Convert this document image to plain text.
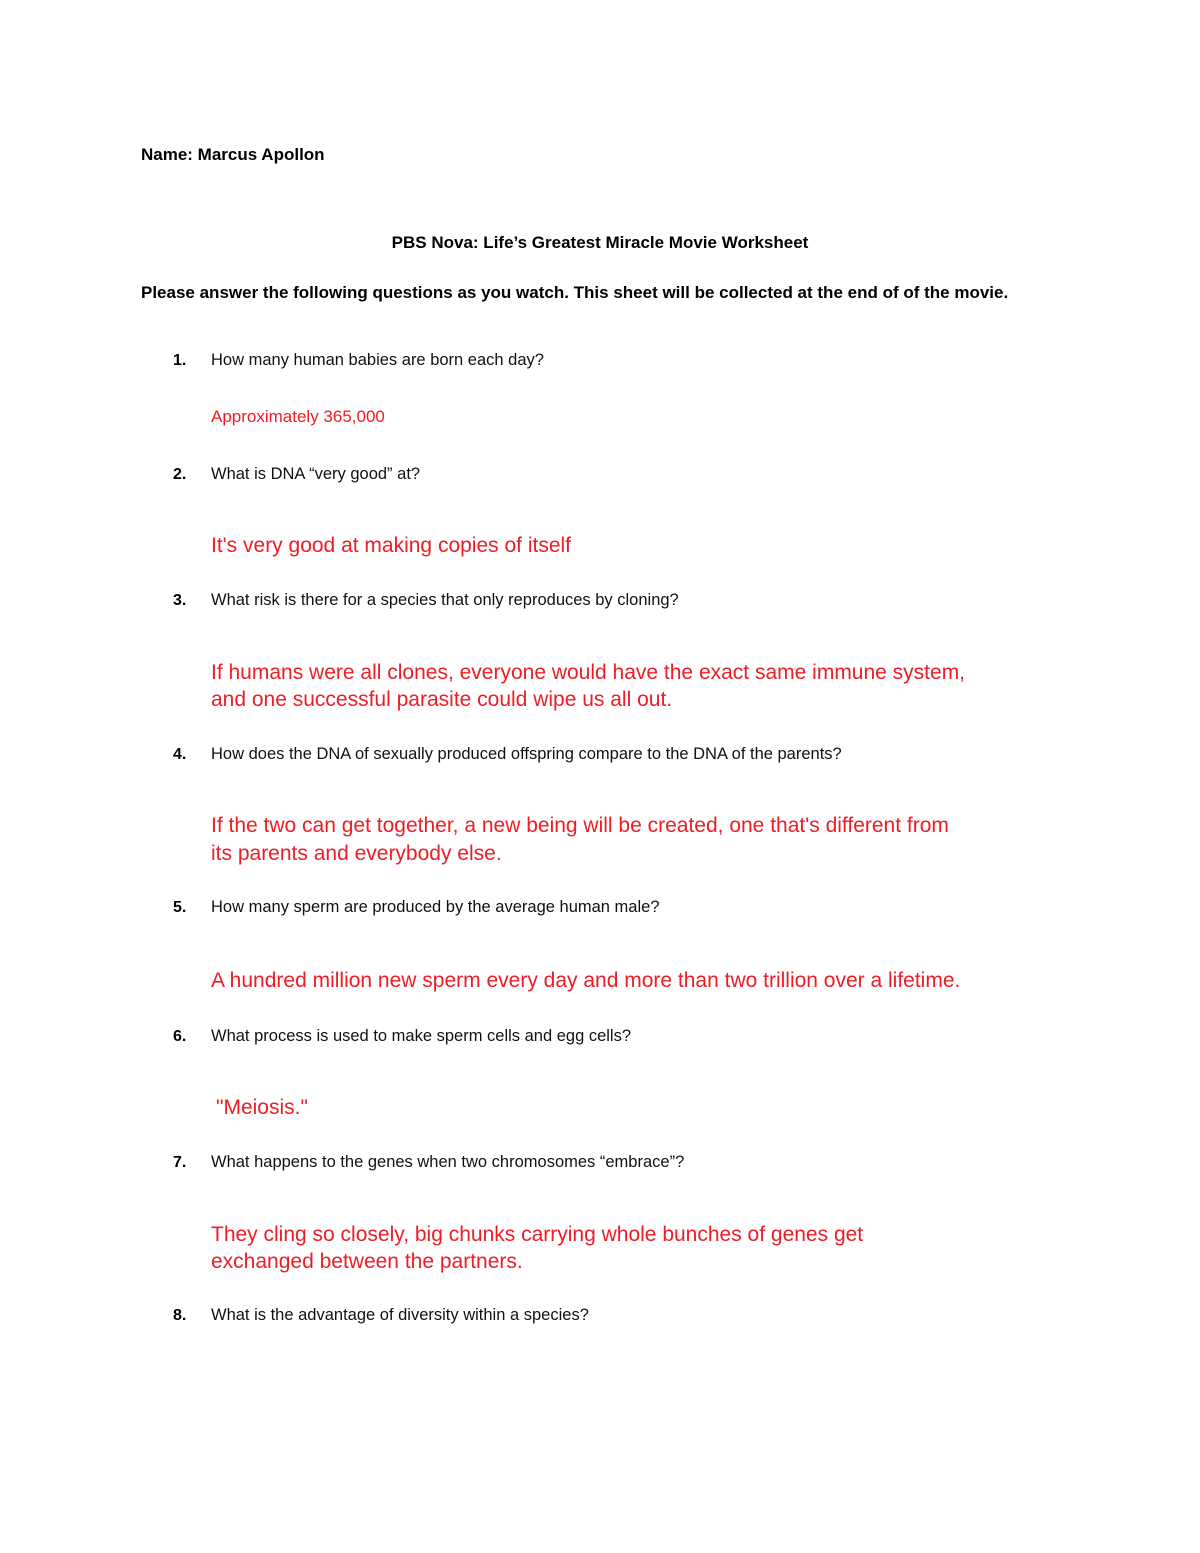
Name: Marcus Apollon
PBS Nova: Life’s Greatest Miracle Movie Worksheet
Please answer the following questions as you watch. This sheet will be collected at the end of of the movie.
1. How many human babies are born each day?
Approximately 365,000
2. What is DNA “very good” at?
It's very good at making copies of itself
3. What risk is there for a species that only reproduces by cloning?
If humans were all clones, everyone would have the exact same immune system,
and one successful parasite could wipe us all out.
4. How does the DNA of sexually produced offspring compare to the DNA of the parents?
If the two can get together, a new being will be created, one that's different from
its parents and everybody else.
5. How many sperm are produced by the average human male?
A hundred million new sperm every day and more than two trillion over a lifetime.
6. What process is used to make sperm cells and egg cells?
"Meiosis."
7. What happens to the genes when two chromosomes “embrace”?
They cling so closely, big chunks carrying whole bunches of genes get
exchanged between the partners.
8. What is the advantage of diversity within a species?
